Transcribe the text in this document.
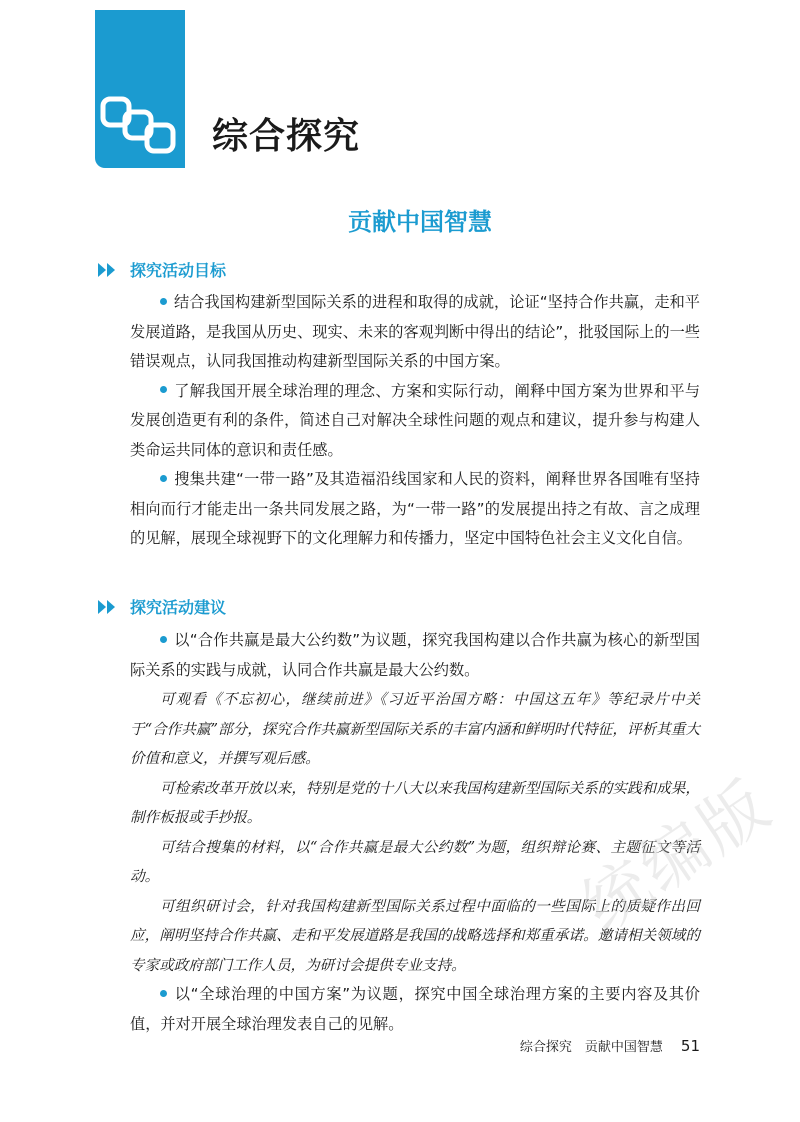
综合探究
贡献中国智慧
探究活动目标

结合我国构建新型国际关系的进程和取得的成就，论证“坚持合作共赢，走和平发展道路，是我国从历史、现实、未来的客观判断中得出的结论”，批驳国际上的一些错误观点，认同我国推动构建新型国际关系的中国方案。

了解我国开展全球治理的理念、方案和实际行动，阐释中国方案为世界和平与发展创造更有利的条件，简述自己对解决全球性问题的观点和建议，提升参与构建人类命运共同体的意识和责任感。

搜集共建“一带一路”及其造福沿线国家和人民的资料，阐释世界各国唯有坚持相向而行才能走出一条共同发展之路，为“一带一路”的发展提出持之有故、言之成理的见解，展现全球视野下的文化理解力和传播力，坚定中国特色社会主义文化自信。

探究活动建议

以“合作共赢是最大公约数”为议题，探究我国构建以合作共赢为核心的新型国际关系的实践与成就，认同合作共赢是最大公约数。

可观看《不忘初心，继续前进》《习近平治国方略：中国这五年》等纪录片中关于“合作共赢”部分，探究合作共赢新型国际关系的丰富内涵和鲜明时代特征，评析其重大价值和意义，并撰写观后感。

可检索改革开放以来，特别是党的十八大以来我国构建新型国际关系的实践和成果，制作板报或手抄报。

可结合搜集的材料，以“合作共赢是最大公约数”为题，组织辩论赛、主题征文等活动。

可组织研讨会，针对我国构建新型国际关系过程中面临的一些国际上的质疑作出回应，阐明坚持合作共赢、走和平发展道路是我国的战略选择和郑重承诺。邀请相关领域的专家或政府部门工作人员，为研讨会提供专业支持。

以“全球治理的中国方案”为议题，探究中国全球治理方案的主要内容及其价值，并对开展全球治理发表自己的见解。

统编版
综合探究　贡献中国智慧 51
